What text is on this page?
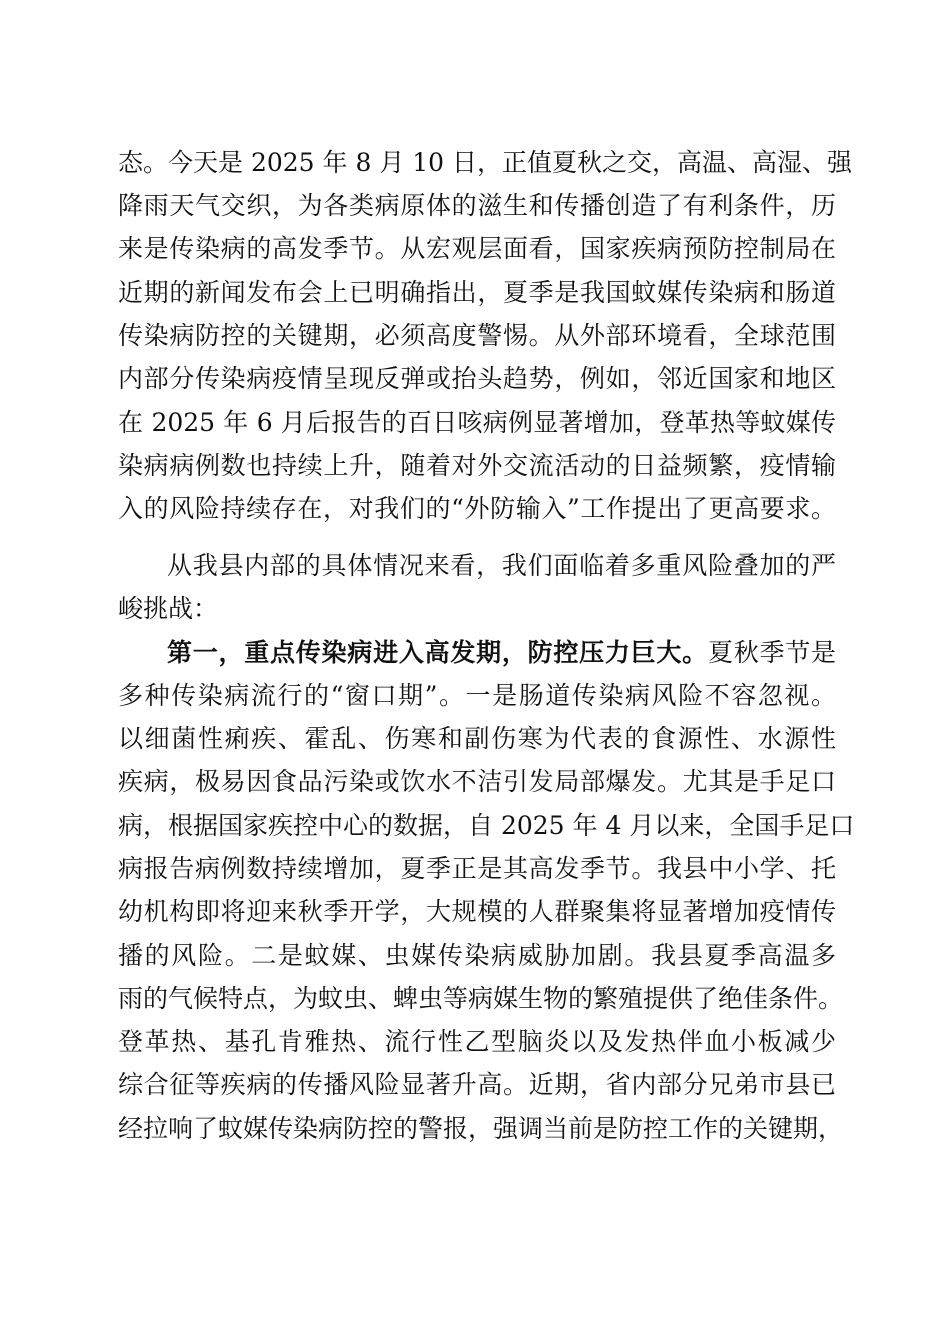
态。今天是 2025 年 8 月 10 日，正值夏秋之交，高温、高湿、强

降雨天气交织，为各类病原体的滋生和传播创造了有利条件，历

来是传染病的高发季节。从宏观层面看，国家疾病预防控制局在

近期的新闻发布会上已明确指出，夏季是我国蚊媒传染病和肠道

传染病防控的关键期，必须高度警惕。从外部环境看，全球范围

内部分传染病疫情呈现反弹或抬头趋势，例如，邻近国家和地区

在 2025 年 6 月后报告的百日咳病例显著增加，登革热等蚊媒传

染病病例数也持续上升，随着对外交流活动的日益频繁，疫情输

入的风险持续存在，对我们的“外防输入”工作提出了更高要求。

从我县内部的具体情况来看，我们面临着多重风险叠加的严

峻挑战：

第一，重点传染病进入高发期，防控压力巨大。夏秋季节是

多种传染病流行的“窗口期”。一是肠道传染病风险不容忽视。

以细菌性痢疾、霍乱、伤寒和副伤寒为代表的食源性、水源性

疾病，极易因食品污染或饮水不洁引发局部爆发。尤其是手足口

病，根据国家疾控中心的数据，自 2025 年 4 月以来，全国手足口

病报告病例数持续增加，夏季正是其高发季节。我县中小学、托

幼机构即将迎来秋季开学，大规模的人群聚集将显著增加疫情传

播的风险。二是蚊媒、虫媒传染病威胁加剧。我县夏季高温多

雨的气候特点，为蚊虫、蜱虫等病媒生物的繁殖提供了绝佳条件。

登革热、基孔肯雅热、流行性乙型脑炎以及发热伴血小板减少

综合征等疾病的传播风险显著升高。近期，省内部分兄弟市县已

经拉响了蚊媒传染病防控的警报，强调当前是防控工作的关键期，
